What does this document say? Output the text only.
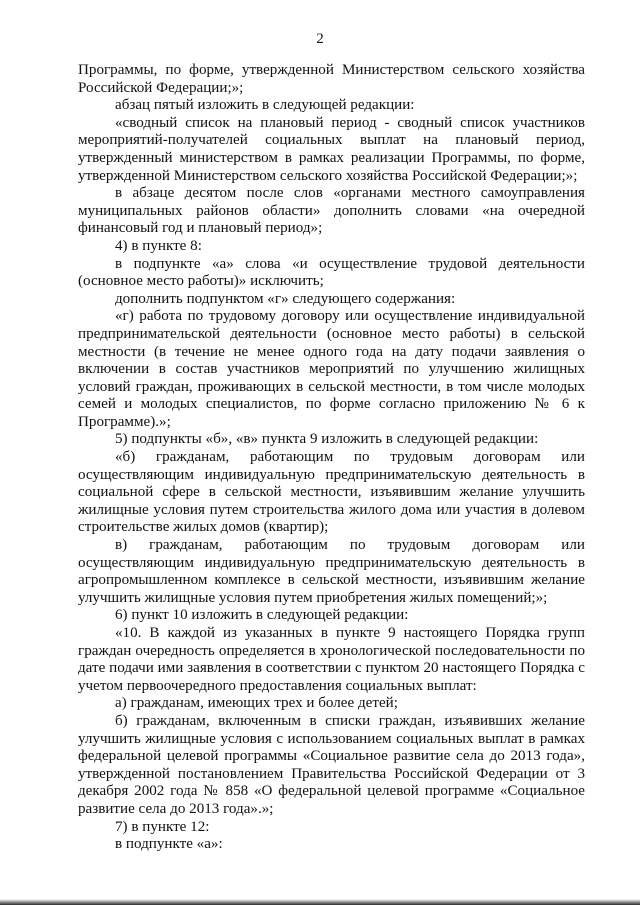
2

Программы, по форме, утвержденной Министерством сельского хозяйства Российской Федерации;»;

абзац пятый изложить в следующей редакции:

«сводный список на плановый период - сводный список участников мероприятий-получателей социальных выплат на плановый период, утвержденный министерством в рамках реализации Программы, по форме, утвержденной Министерством сельского хозяйства Российской Федерации;»;

в абзаце десятом после слов «органами местного самоуправления муниципальных районов области» дополнить словами «на очередной финансовый год и плановый период»;

4) в пункте 8:

в подпункте «а» слова «и осуществление трудовой деятельности (основное место работы)» исключить;

дополнить подпунктом «г» следующего содержания:

«г) работа по трудовому договору или осуществление индивидуальной предпринимательской деятельности (основное место работы) в сельской местности (в течение не менее одного года на дату подачи заявления о включении в состав участников мероприятий по улучшению жилищных условий граждан, проживающих в сельской местности, в том числе молодых семей и молодых специалистов, по форме согласно приложению № 6 к Программе).»;

5) подпункты «б», «в» пункта 9 изложить в следующей редакции:

«б) гражданам, работающим по трудовым договорам или осуществляющим индивидуальную предпринимательскую деятельность в социальной сфере в сельской местности, изъявившим желание улучшить жилищные условия путем строительства жилого дома или участия в долевом строительстве жилых домов (квартир);

в) гражданам, работающим по трудовым договорам или осуществляющим индивидуальную предпринимательскую деятельность в агропромышленном комплексе в сельской местности, изъявившим желание улучшить жилищные условия путем приобретения жилых помещений;»;

6) пункт 10 изложить в следующей редакции:

«10. В каждой из указанных в пункте 9 настоящего Порядка групп граждан очередность определяется в хронологической последовательности по дате подачи ими заявления в соответствии с пунктом 20 настоящего Порядка с учетом первоочередного предоставления социальных выплат:

а) гражданам, имеющих трех и более детей;

б) гражданам, включенным в списки граждан, изъявивших желание улучшить жилищные условия с использованием социальных выплат в рамках федеральной целевой программы «Социальное развитие села до 2013 года», утвержденной постановлением Правительства Российской Федерации от 3 декабря 2002 года № 858 «О федеральной целевой программе «Социальное развитие села до 2013 года».»;

7) в пункте 12:

в подпункте «а»:
